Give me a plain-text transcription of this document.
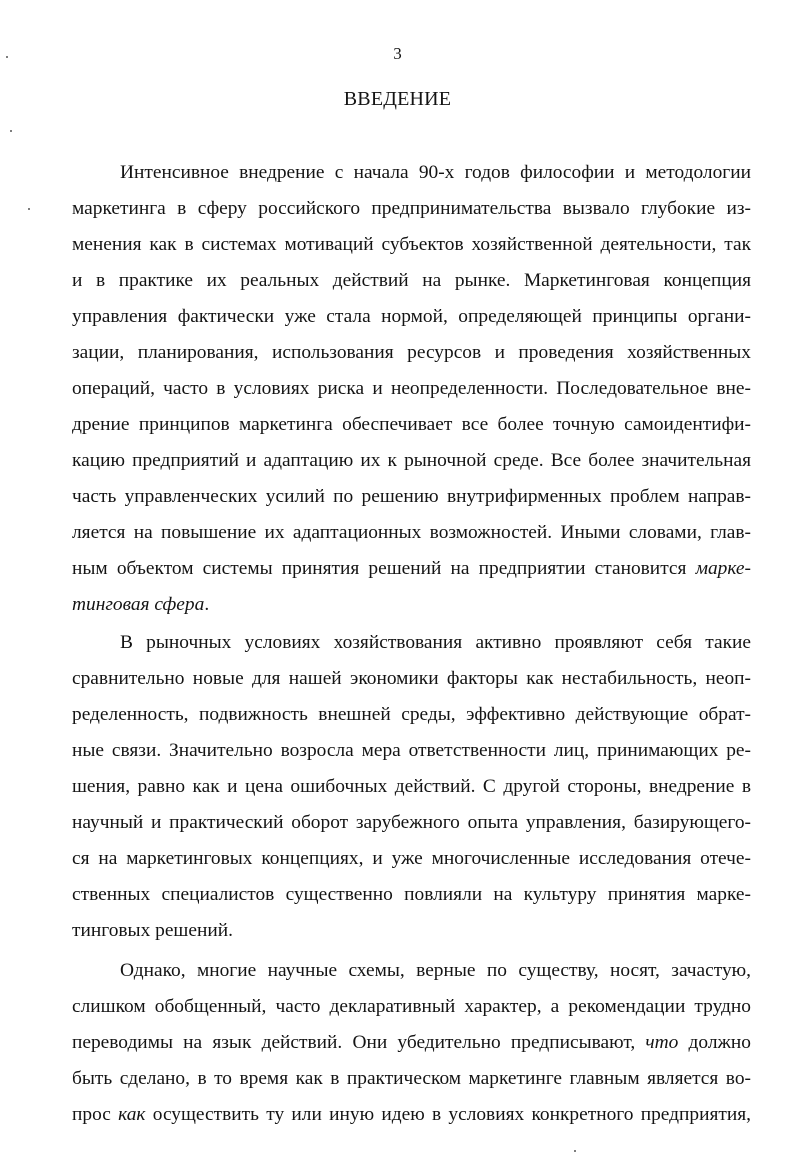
3
ВВЕДЕНИЕ
Интенсивное внедрение с начала 90-х годов философии и методологии
маркетинга в сферу российского предпринимательства вызвало глубокие из-
менения как в системах мотиваций субъектов хозяйственной деятельности, так
и в практике их реальных действий на рынке. Маркетинговая концепция
управления фактически уже стала нормой, определяющей принципы органи-
зации, планирования, использования ресурсов и проведения хозяйственных
операций, часто в условиях риска и неопределенности. Последовательное вне-
дрение принципов маркетинга обеспечивает все более точную самоидентифи-
кацию предприятий и адаптацию их к рыночной среде. Все более значительная
часть управленческих усилий по решению внутрифирменных проблем направ-
ляется на повышение их адаптационных возможностей. Иными словами, глав-
ным объектом системы принятия решений на предприятии становится марке-
тинговая сфера.
В рыночных условиях хозяйствования активно проявляют себя такие
сравнительно новые для нашей экономики факторы как нестабильность, неоп-
ределенность, подвижность внешней среды, эффективно действующие обрат-
ные связи. Значительно возросла мера ответственности лиц, принимающих ре-
шения, равно как и цена ошибочных действий. С другой стороны, внедрение в
научный и практический оборот зарубежного опыта управления, базирующего-
ся на маркетинговых концепциях, и уже многочисленные исследования отече-
ственных специалистов существенно повлияли на культуру принятия марке-
тинговых решений.
Однако, многие научные схемы, верные по существу, носят, зачастую,
слишком обобщенный, часто декларативный характер, а рекомендации трудно
переводимы на язык действий. Они убедительно предписывают, что должно
быть сделано, в то время как в практическом маркетинге главным является во-
прос как осуществить ту или иную идею в условиях конкретного предприятия,
